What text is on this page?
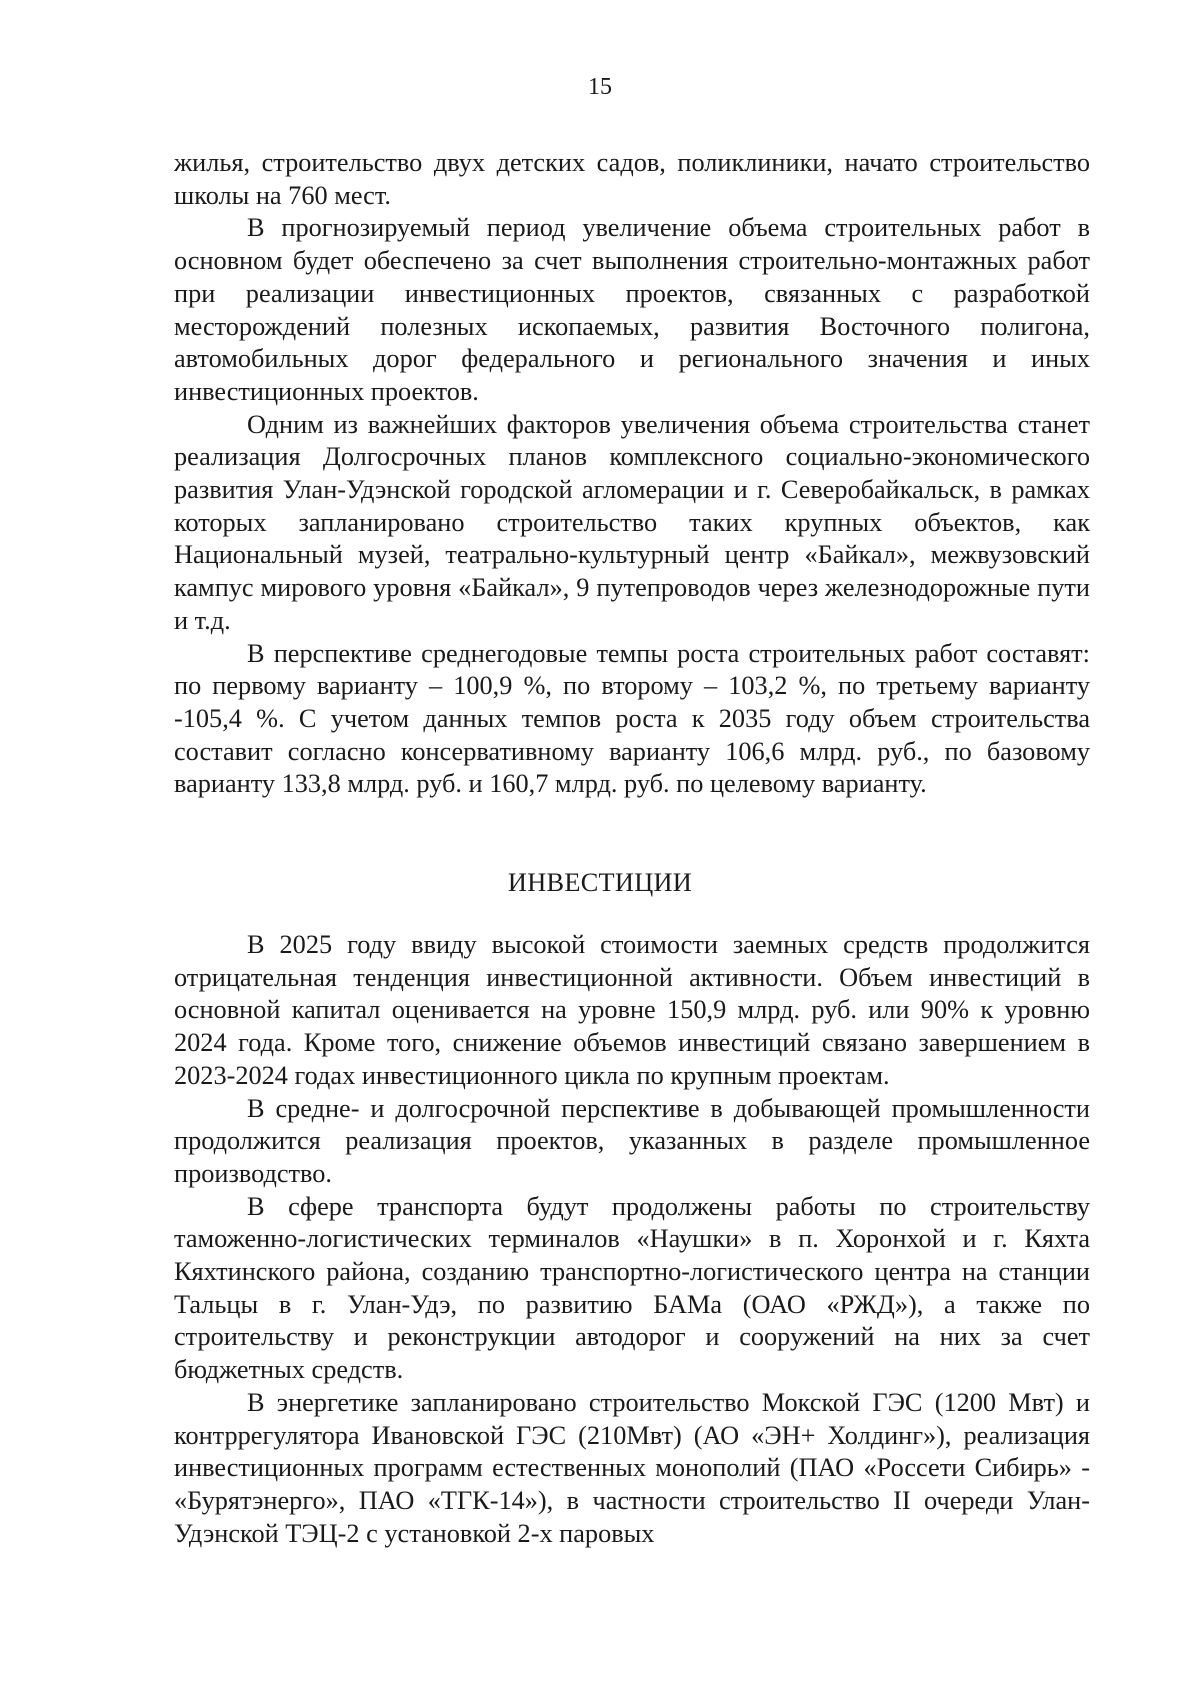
15

жилья, строительство двух детских садов, поликлиники, начато строительство школы на 760 мест.

В прогнозируемый период увеличение объема строительных работ в основном будет обеспечено за счет выполнения строительно-монтажных работ при реализации инвестиционных проектов, связанных с разработкой месторождений полезных ископаемых, развития Восточного полигона, автомобильных дорог федерального и регионального значения и иных инвестиционных проектов.

Одним из важнейших факторов увеличения объема строительства станет реализация Долгосрочных планов комплексного социально-экономического развития Улан-Удэнской городской агломерации и г. Северобайкальск, в рамках которых запланировано строительство таких крупных объектов, как Национальный музей, театрально-культурный центр «Байкал», межвузовский кампус мирового уровня «Байкал», 9 путепроводов через железнодорожные пути и т.д.

В перспективе среднегодовые темпы роста строительных работ составят: по первому варианту – 100,9 %, по второму – 103,2 %, по третьему варианту -105,4 %. С учетом данных темпов роста к 2035 году объем строительства составит согласно консервативному варианту 106,6 млрд. руб., по базовому варианту 133,8 млрд. руб. и 160,7 млрд. руб. по целевому варианту.

ИНВЕСТИЦИИ

В 2025 году ввиду высокой стоимости заемных средств продолжится отрицательная тенденция инвестиционной активности. Объем инвестиций в основной капитал оценивается на уровне 150,9 млрд. руб. или 90% к уровню 2024 года. Кроме того, снижение объемов инвестиций связано завершением в 2023-2024 годах инвестиционного цикла по крупным проектам.

В средне- и долгосрочной перспективе в добывающей промышленности продолжится реализация проектов, указанных в разделе промышленное производство.

В сфере транспорта будут продолжены работы по строительству таможенно-логистических терминалов «Наушки» в п. Хоронхой и г. Кяхта Кяхтинского района, созданию транспортно-логистического центра на станции Тальцы в г. Улан-Удэ, по развитию БАМа (ОАО «РЖД»), а также по строительству и реконструкции автодорог и сооружений на них за счет бюджетных средств.

В энергетике запланировано строительство Мокской ГЭС (1200 Мвт) и контррегулятора Ивановской ГЭС (210Мвт) (АО «ЭН+ Холдинг»), реализация инвестиционных программ естественных монополий (ПАО «Россети Сибирь» - «Бурятэнерго», ПАО «ТГК-14»), в частности строительство II очереди Улан-Удэнской ТЭЦ-2 с установкой 2-х паровых
